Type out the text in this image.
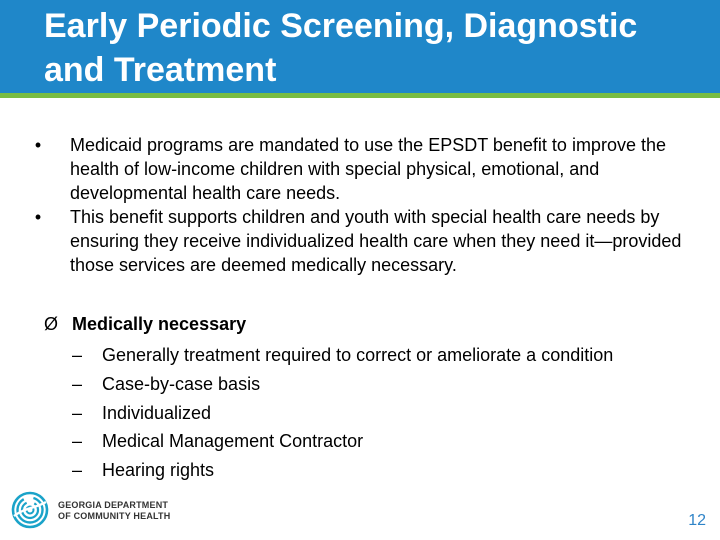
Early Periodic Screening, Diagnostic and Treatment

•	Medicaid programs are mandated to use the EPSDT benefit to improve the health of low-income children with special physical, emotional, and developmental health care needs.

•	This benefit supports children and youth with special health care needs by ensuring they receive individualized health care when they need it—provided those services are deemed medically necessary.

Ø Medically necessary
– Generally treatment required to correct or ameliorate a condition
– Case-by-case basis
– Individualized
– Medical Management Contractor
– Hearing rights
GEORGIA DEPARTMENT
OF COMMUNITY HEALTH	12
